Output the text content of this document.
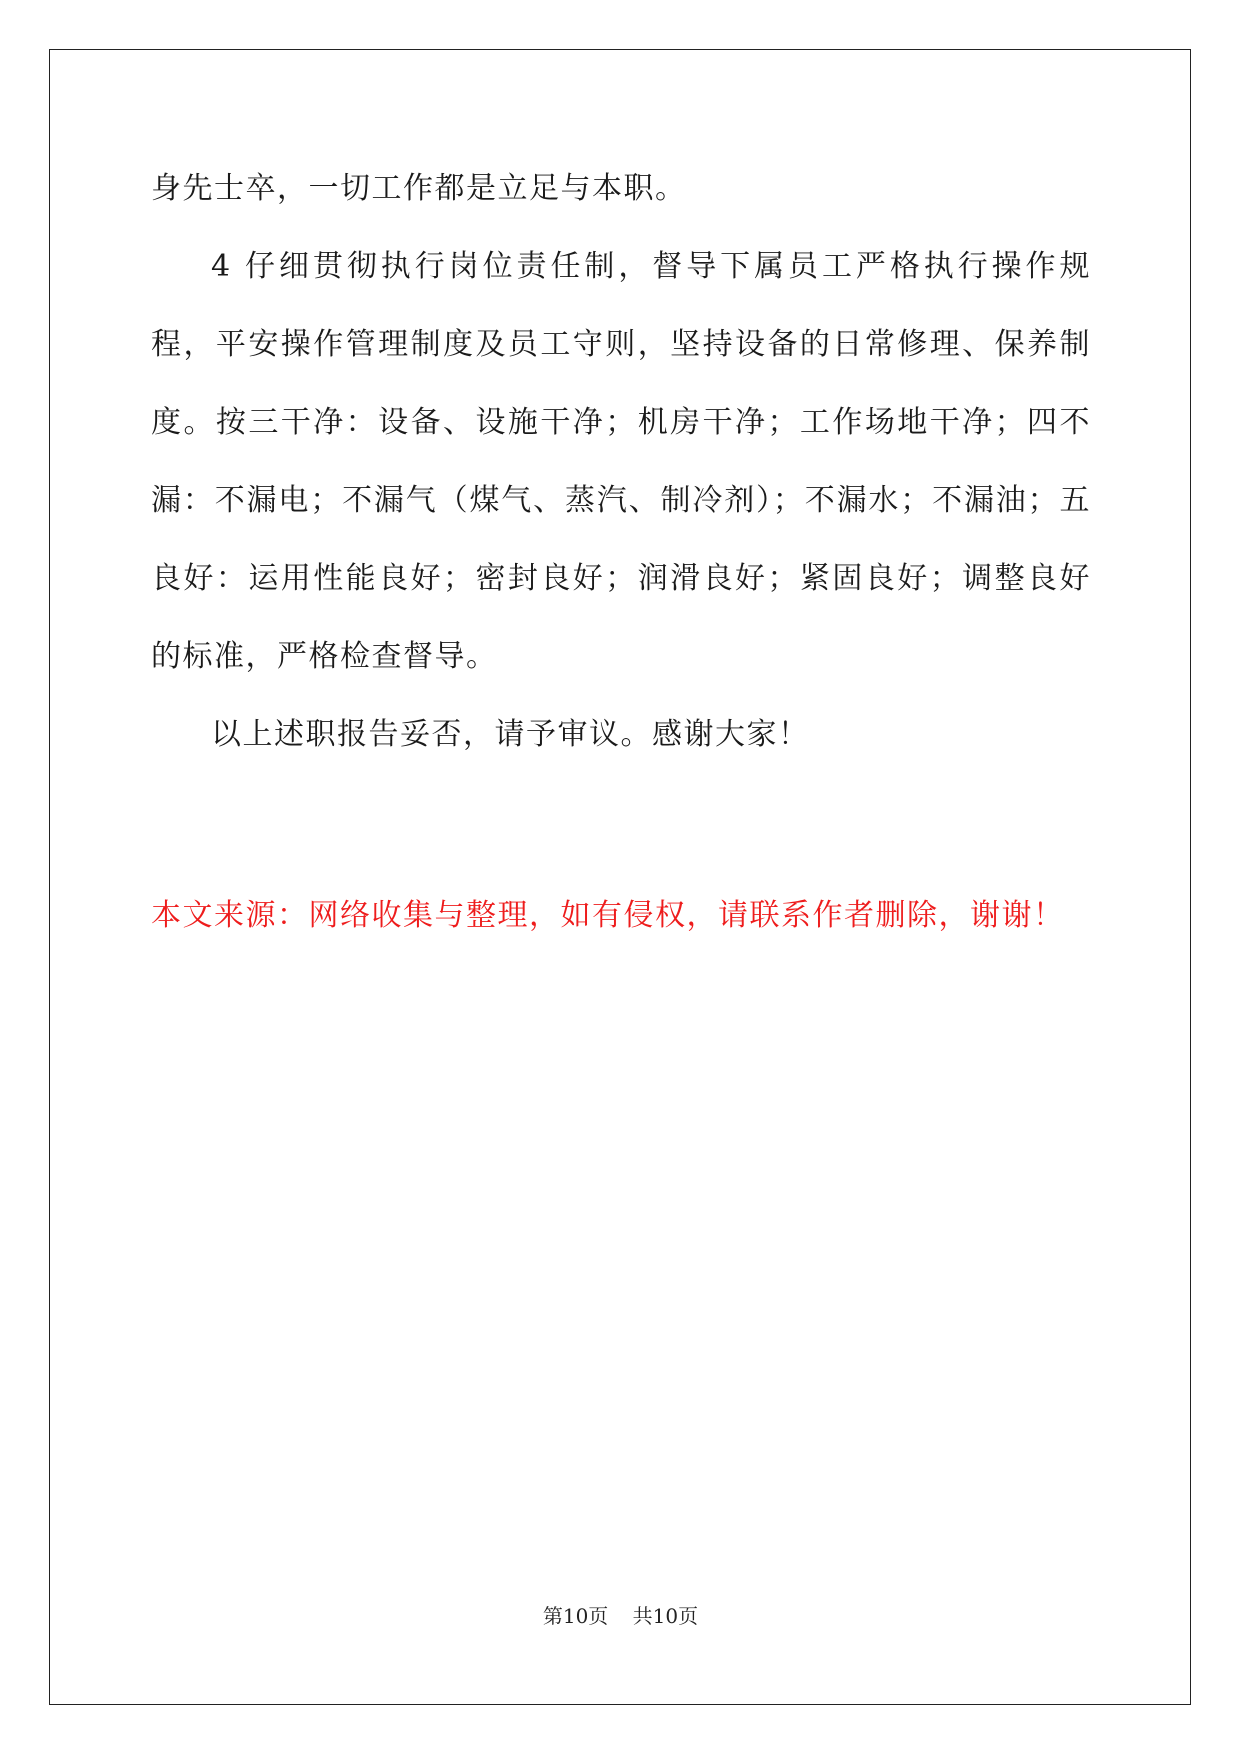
身先士卒，一切工作都是立足与本职。

4 仔细贯彻执行岗位责任制，督导下属员工严格执行操作规程，平安操作管理制度及员工守则，坚持设备的日常修理、保养制度。按三干净：设备、设施干净；机房干净；工作场地干净；四不漏：不漏电；不漏气（煤气、蒸汽、制冷剂）；不漏水；不漏油；五良好：运用性能良好；密封良好；润滑良好；紧固良好；调整良好的标准，严格检查督导。

以上述职报告妥否，请予审议。感谢大家！

本文来源：网络收集与整理，如有侵权，请联系作者删除，谢谢！
第10页 共10页
